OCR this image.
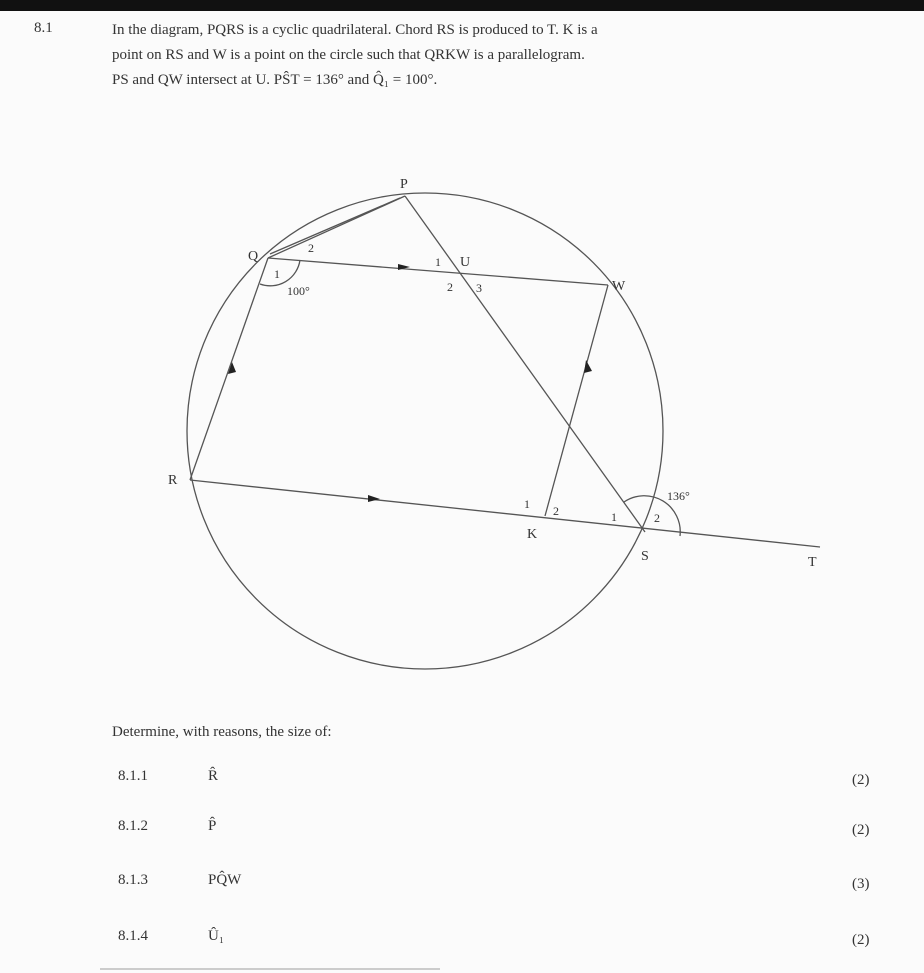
8.1	In the diagram, PQRS is a cyclic quadrilateral. Chord RS is produced to T. K is a
point on RS and W is a point on the circle such that QRKW is a parallelogram.
PS and QW intersect at U. PŜT = 136° and Q̂₁ = 100°.
P
Q
R
S	T
U
W
K
1
2
100°
1
2 3
1 2	1	2
136°
Determine, with reasons, the size of:
8.1.1	R̂	(2)
8.1.2	P̂	(2)
8.1.3	PQ̂W	(3)
8.1.4	Û₁	(2)
